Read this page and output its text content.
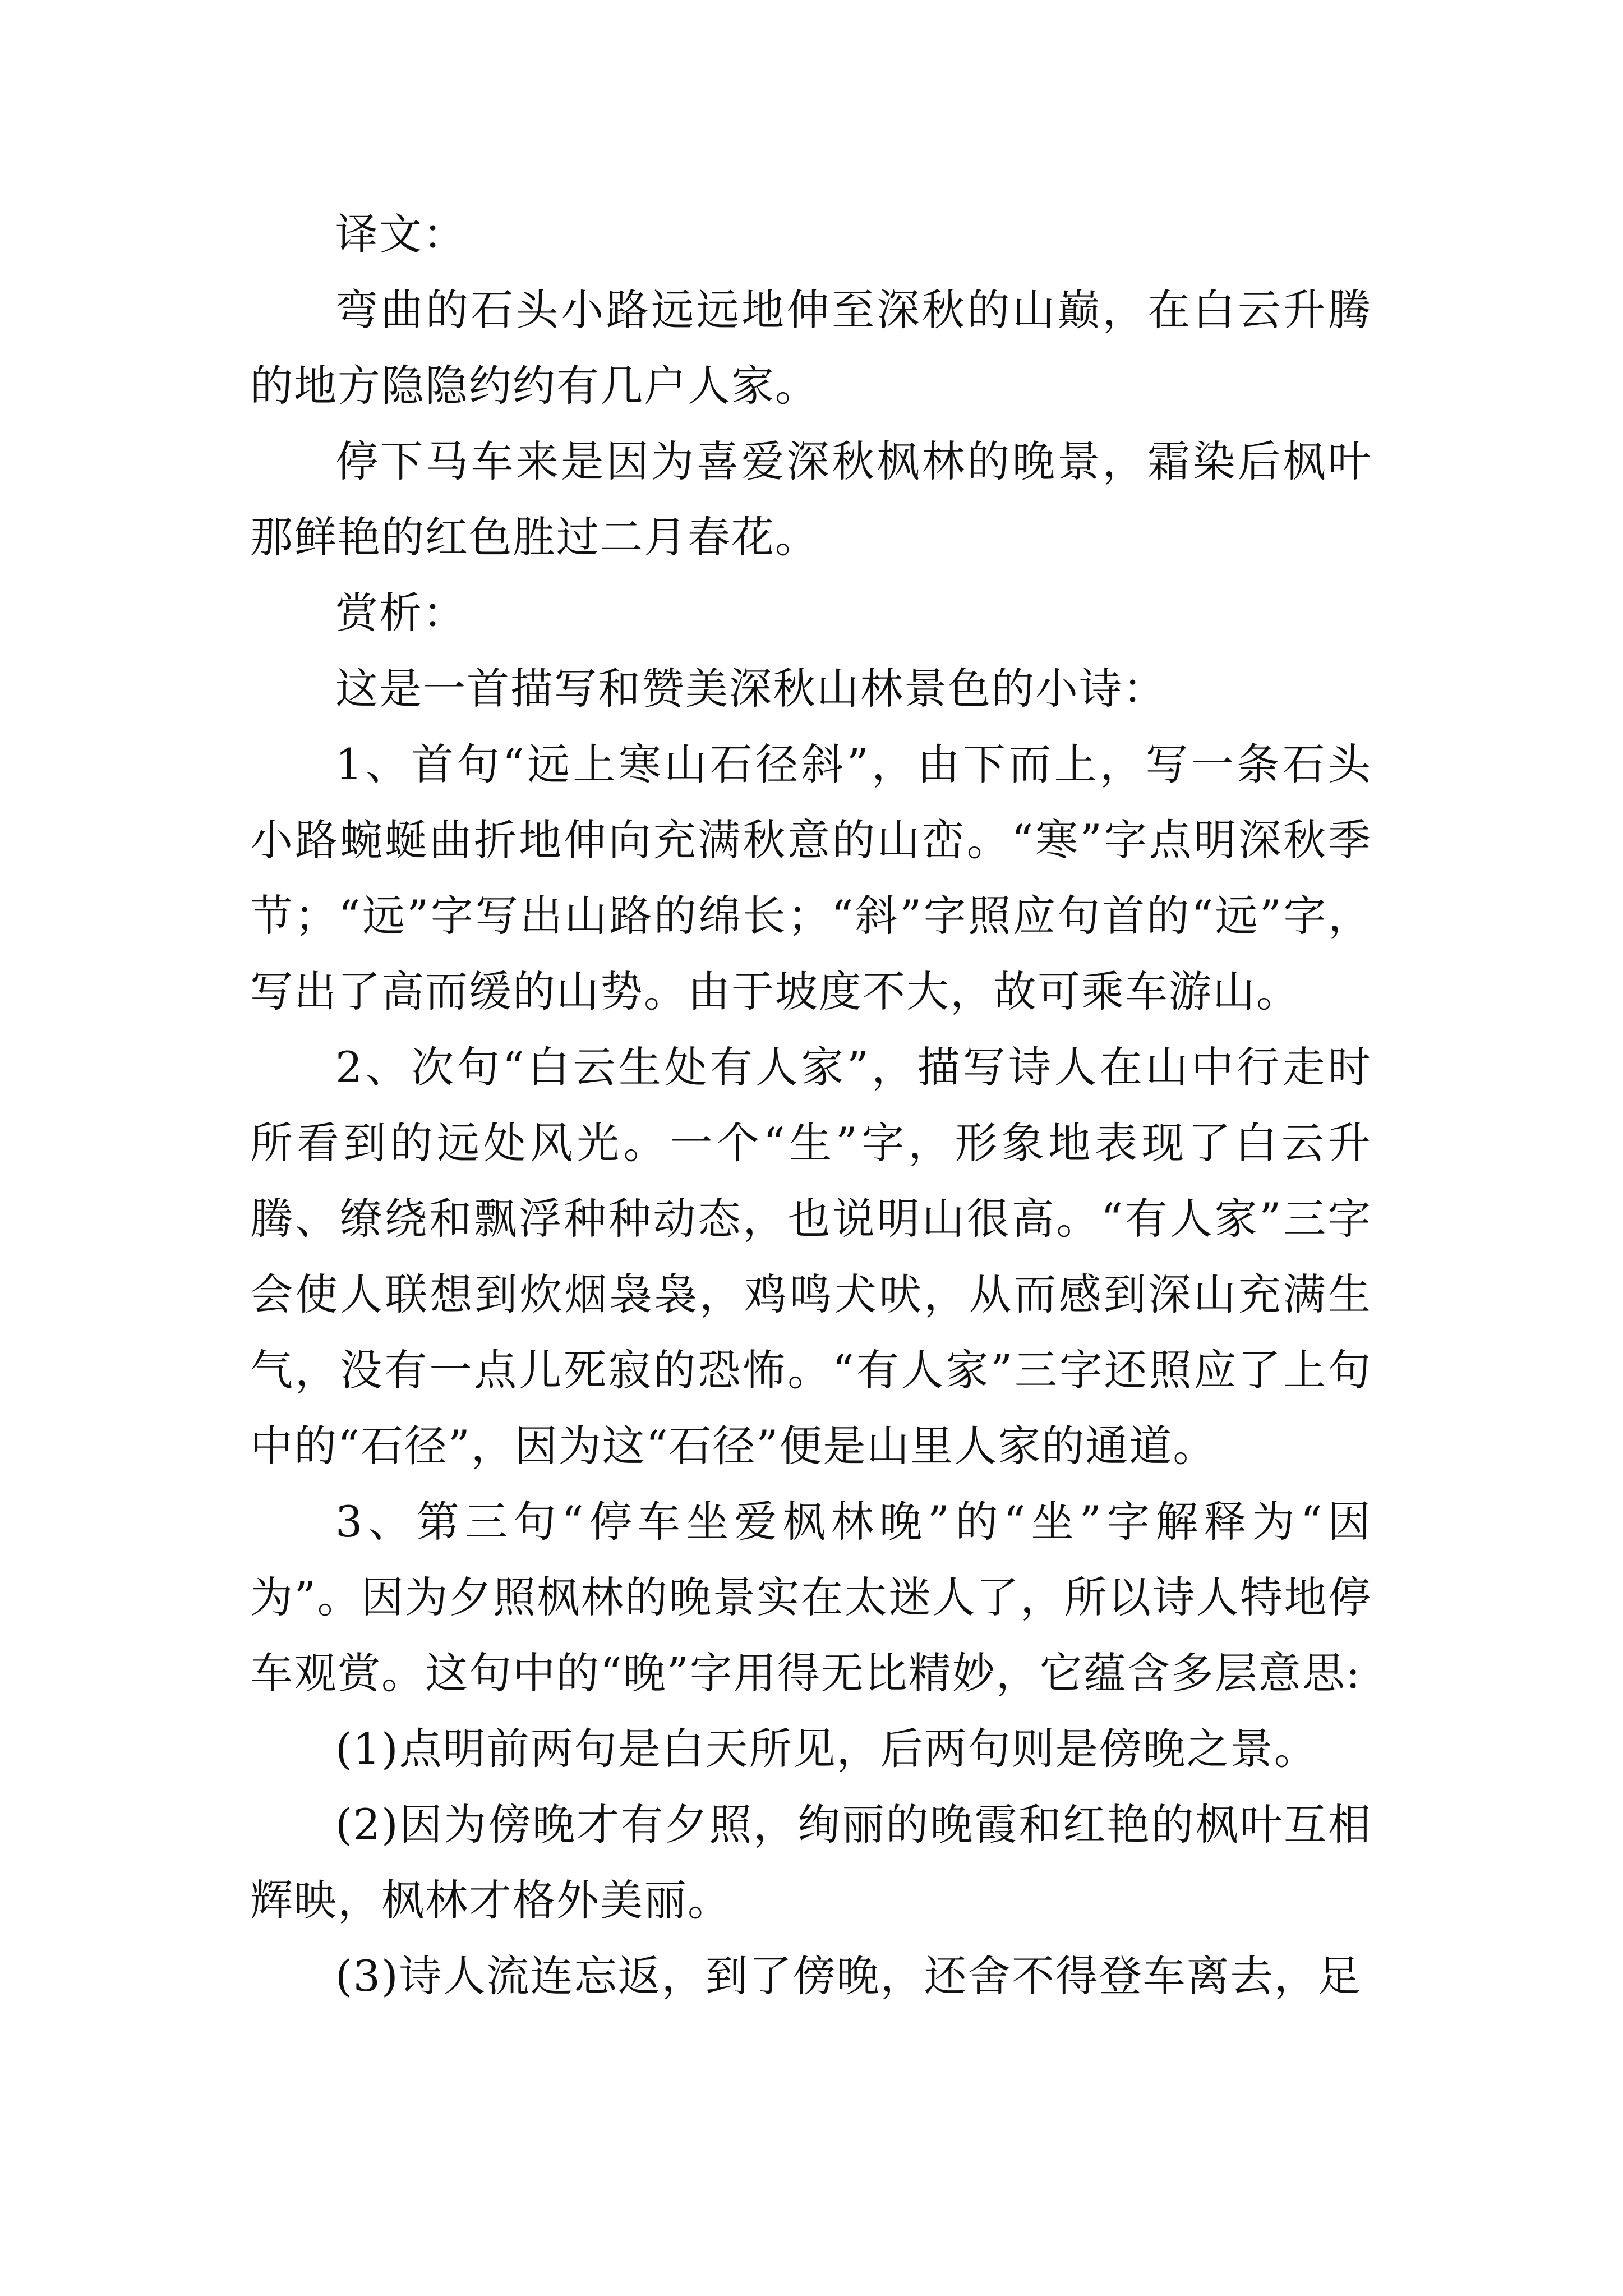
译文：

弯曲的石头小路远远地伸至深秋的山巅，在白云升腾的地方隐隐约约有几户人家。

停下马车来是因为喜爱深秋枫林的晚景，霜染后枫叶那鲜艳的红色胜过二月春花。

赏析：

这是一首描写和赞美深秋山林景色的小诗：

1、首句“远上寒山石径斜”，由下而上，写一条石头小路蜿蜒曲折地伸向充满秋意的山峦。“寒”字点明深秋季节；“远”字写出山路的绵长；“斜”字照应句首的“远”字，写出了高而缓的山势。由于坡度不大，故可乘车游山。

2、次句“白云生处有人家”，描写诗人在山中行走时所看到的远处风光。一个“生”字，形象地表现了白云升腾、缭绕和飘浮种种动态，也说明山很高。“有人家”三字会使人联想到炊烟袅袅，鸡鸣犬吠，从而感到深山充满生气，没有一点儿死寂的恐怖。“有人家”三字还照应了上句中的“石径”，因为这“石径”便是山里人家的通道。

3、第三句“停车坐爱枫林晚”的“坐”字解释为“因为”。因为夕照枫林的晚景实在太迷人了，所以诗人特地停车观赏。这句中的“晚”字用得无比精妙，它蕴含多层意思:

(1)点明前两句是白天所见，后两句则是傍晚之景。

(2)因为傍晚才有夕照，绚丽的晚霞和红艳的枫叶互相辉映，枫林才格外美丽。

(3)诗人流连忘返，到了傍晚，还舍不得登车离去，足
